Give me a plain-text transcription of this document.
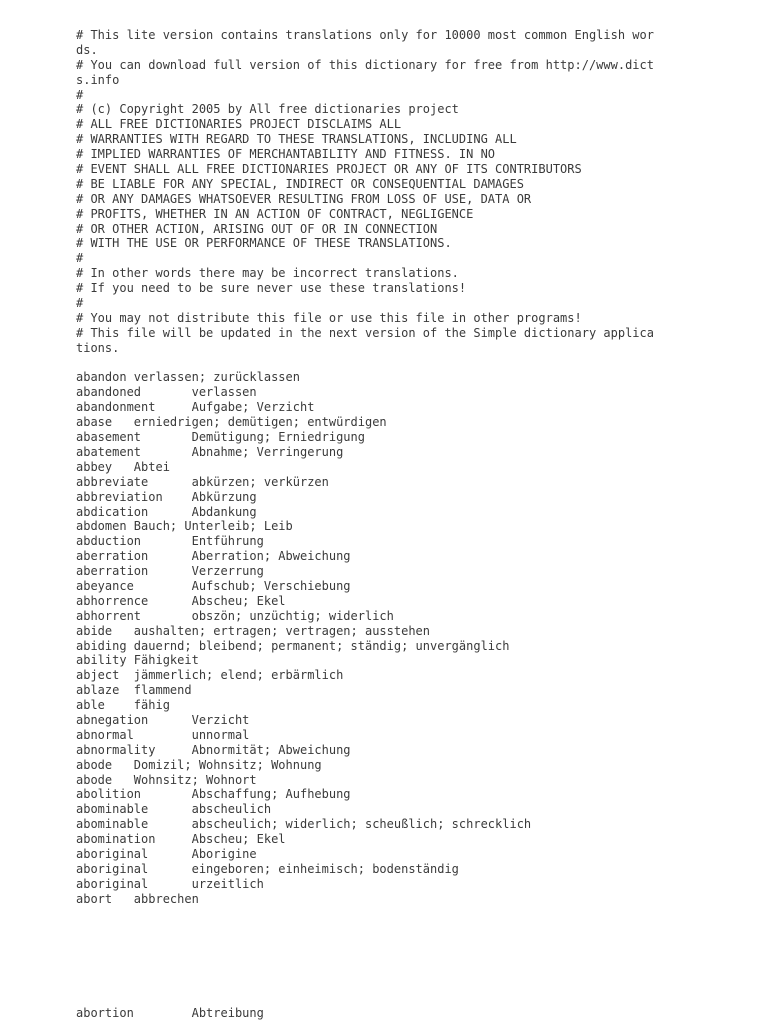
# This lite version contains translations only for 10000 most common English wor
ds.
# You can download full version of this dictionary for free from http://www.dict
s.info
#
# (c) Copyright 2005 by All free dictionaries project
# ALL FREE DICTIONARIES PROJECT DISCLAIMS ALL
# WARRANTIES WITH REGARD TO THESE TRANSLATIONS, INCLUDING ALL
# IMPLIED WARRANTIES OF MERCHANTABILITY AND FITNESS. IN NO
# EVENT SHALL ALL FREE DICTIONARIES PROJECT OR ANY OF ITS CONTRIBUTORS
# BE LIABLE FOR ANY SPECIAL, INDIRECT OR CONSEQUENTIAL DAMAGES
# OR ANY DAMAGES WHATSOEVER RESULTING FROM LOSS OF USE, DATA OR
# PROFITS, WHETHER IN AN ACTION OF CONTRACT, NEGLIGENCE
# OR OTHER ACTION, ARISING OUT OF OR IN CONNECTION
# WITH THE USE OR PERFORMANCE OF THESE TRANSLATIONS.
#
# In other words there may be incorrect translations.
# If you need to be sure never use these translations!
#
# You may not distribute this file or use this file in other programs!
# This file will be updated in the next version of the Simple dictionary applica
tions.
abandon verlassen; zurücklassen
abandoned       verlassen
abandonment     Aufgabe; Verzicht
abase   erniedrigen; demütigen; entwürdigen
abasement       Demütigung; Erniedrigung
abatement       Abnahme; Verringerung
abbey   Abtei
abbreviate      abkürzen; verkürzen
abbreviation    Abkürzung
abdication      Abdankung
abdomen Bauch; Unterleib; Leib
abduction       Entführung
aberration      Aberration; Abweichung
aberration      Verzerrung
abeyance        Aufschub; Verschiebung
abhorrence      Abscheu; Ekel
abhorrent       obszön; unzüchtig; widerlich
abide   aushalten; ertragen; vertragen; ausstehen
abiding dauernd; bleibend; permanent; ständig; unvergänglich
ability Fähigkeit
abject  jämmerlich; elend; erbärmlich
ablaze  flammend
able    fähig
abnegation      Verzicht
abnormal        unnormal
abnormality     Abnormität; Abweichung
abode   Domizil; Wohnsitz; Wohnung
abode   Wohnsitz; Wohnort
abolition       Abschaffung; Aufhebung
abominable      abscheulich
abominable      abscheulich; widerlich; scheußlich; schrecklich
abomination     Abscheu; Ekel
aboriginal      Aborigine
aboriginal      eingeboren; einheimisch; bodenständig
aboriginal      urzeitlich
abort   abbrechen
abortion        Abtreibung
